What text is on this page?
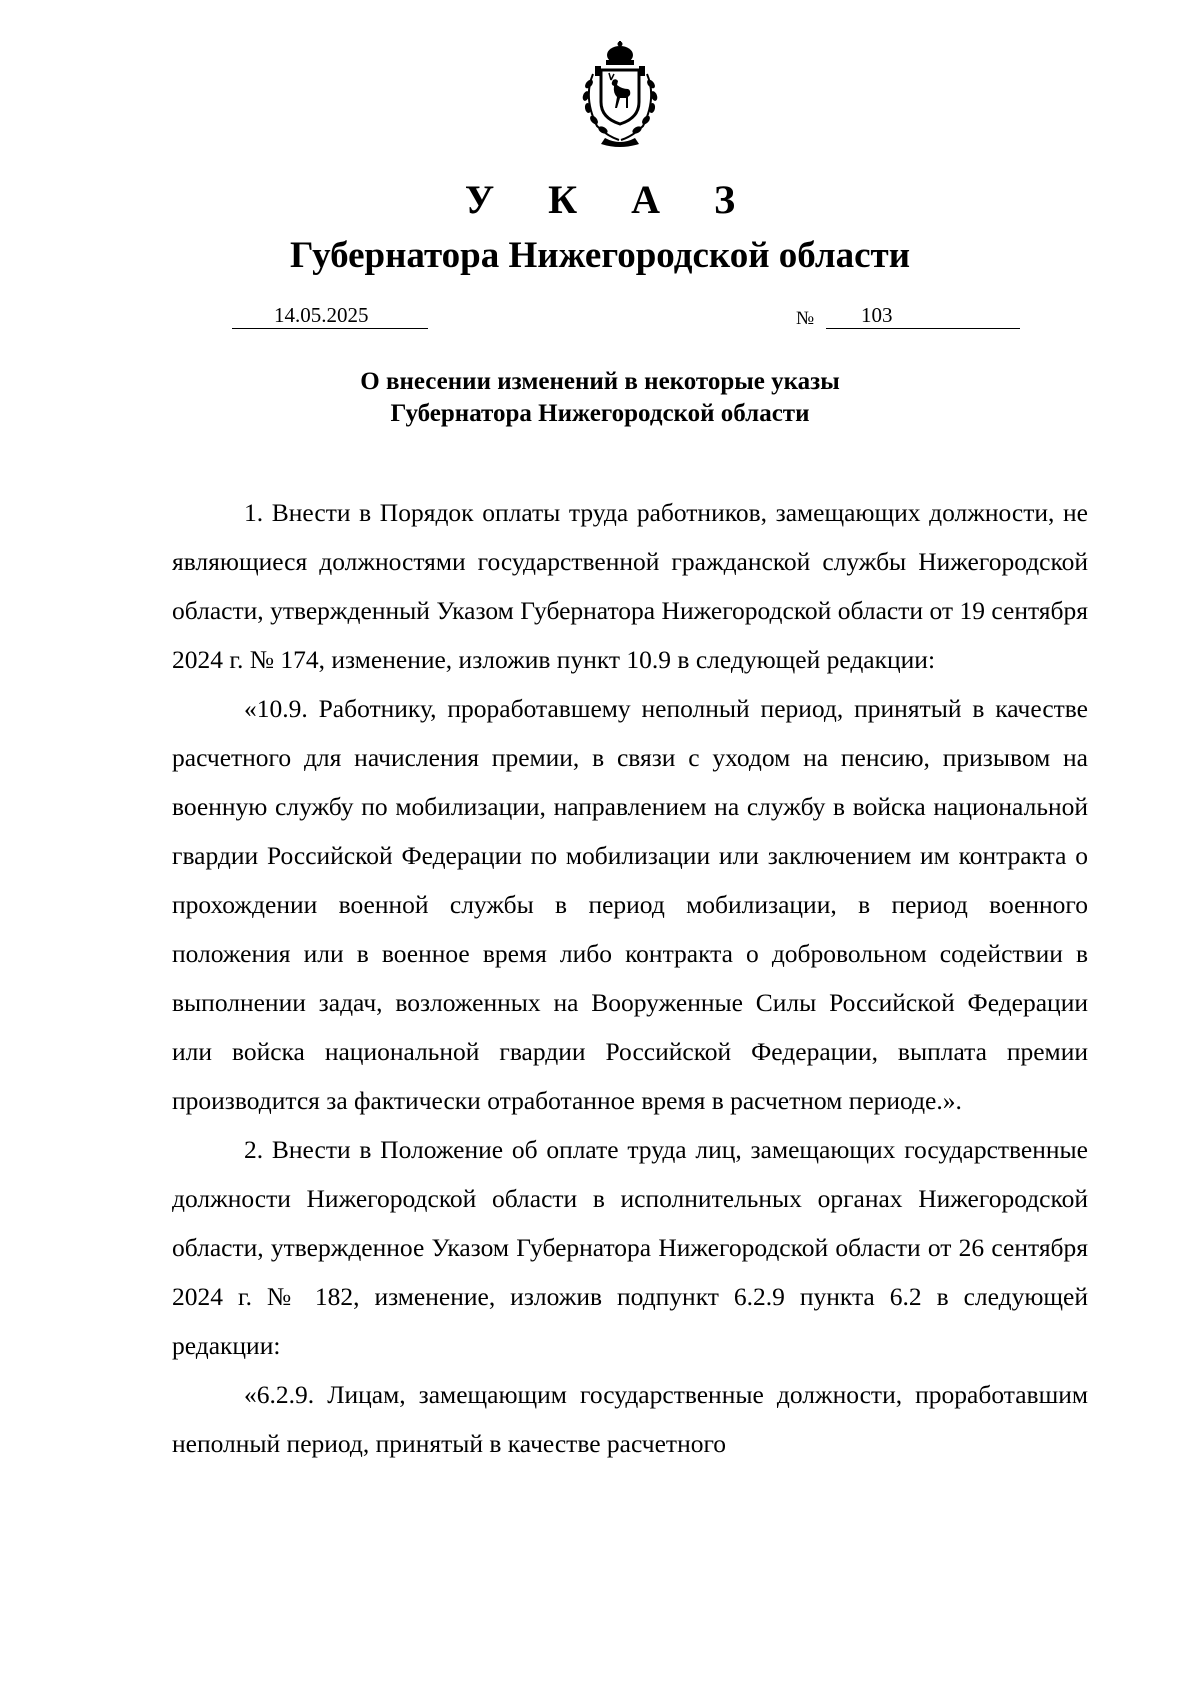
У К А З
Губернатора Нижегородской области
14.05.2025	№ 103
О внесении изменений в некоторые указы
Губернатора Нижегородской области

1. Внести в Порядок оплаты труда работников, замещающих должности, не являющиеся должностями государственной гражданской службы Нижегородской области, утвержденный Указом Губернатора Нижегородской области от 19 сентября 2024 г. № 174, изменение, изложив пункт 10.9 в следующей редакции:

«10.9. Работнику, проработавшему неполный период, принятый в качестве расчетного для начисления премии, в связи с уходом на пенсию, призывом на военную службу по мобилизации, направлением на службу в войска национальной гвардии Российской Федерации по мобилизации или заключением им контракта о прохождении военной службы в период мобилизации, в период военного положения или в военное время либо контракта о добровольном содействии в выполнении задач, возложенных на Вооруженные Силы Российской Федерации или войска национальной гвардии Российской Федерации, выплата премии производится за фактически отработанное время в расчетном периоде.».

2. Внести в Положение об оплате труда лиц, замещающих государственные должности Нижегородской области в исполнительных органах Нижегородской области, утвержденное Указом Губернатора Нижегородской области от 26 сентября 2024 г. № 182, изменение, изложив подпункт 6.2.9 пункта 6.2 в следующей редакции:

«6.2.9. Лицам, замещающим государственные должности, проработавшим неполный период, принятый в качестве расчетного
